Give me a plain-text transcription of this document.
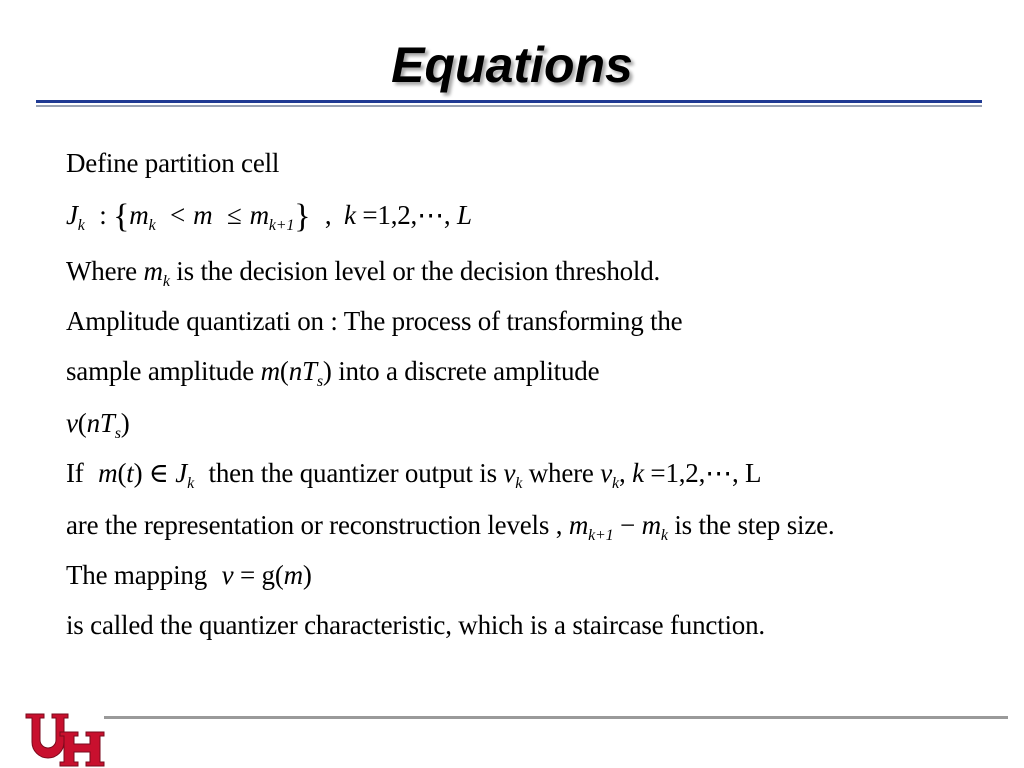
Equations
Define partition cell
$J_k$ : $\{m_k < m \le m_{k+1}\}$ , k =1,2,⋯, L
Where $m_k$ is the decision level or the decision threshold.
Amplitude quantizati on : The process of transforming the
sample amplitude $m(nT_s)$ into a discrete amplitude
$\nu(nT_s)$
If m(t) ∈ $J_k$ then the quantizer output is $v_k$ where $v_k$, k =1,2,⋯, L
are the representation or reconstruction levels , $m_{k+1} - m_k$ is the step size.
The mapping ν = g(m)
is called the quantizer characteristic, which is a staircase function.
